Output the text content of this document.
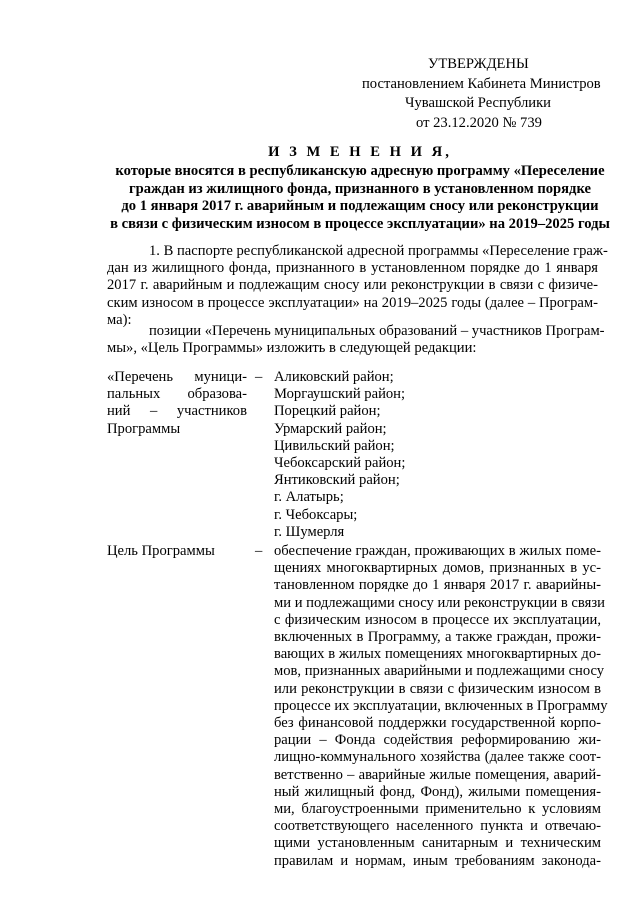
УТВЕРЖДЕНЫ
постановлением Кабинета Министров
Чувашской Республики
от 23.12.2020 № 739
И З М Е Н Е Н И Я,
которые вносятся в республиканскую адресную программу «Переселение
граждан из жилищного фонда, признанного в установленном порядке
до 1 января 2017 г. аварийным и подлежащим сносу или реконструкции
в связи с физическим износом в процессе эксплуатации» на 2019–2025 годы
1. В паспорте республиканской адресной программы «Переселение граж-
дан из жилищного фонда, признанного в установленном порядке до 1 января
2017 г. аварийным и подлежащим сносу или реконструкции в связи с физиче-
ским износом в процессе эксплуатации» на 2019–2025 годы (далее – Програм-
ма):
позиции «Перечень муниципальных образований – участников Програм-
мы», «Цель Программы» изложить в следующей редакции:
«Перечень муници-
пальных образова-
ний – участников
Программы
– Аликовский район;
Моргаушский район;
Порецкий район;
Урмарский район;
Цивильский район;
Чебоксарский район;
Янтиковский район;
г. Алатырь;
г. Чебоксары;
г. Шумерля
Цель Программы	– обеспечение граждан, проживающих в жилых поме-
щениях многоквартирных домов, признанных в ус-
тановленном порядке до 1 января 2017 г. аварийны-
ми и подлежащими сносу или реконструкции в связи
с физическим износом в процессе их эксплуатации,
включенных в Программу, а также граждан, прожи-
вающих в жилых помещениях многоквартирных до-
мов, признанных аварийными и подлежащими сносу
или реконструкции в связи с физическим износом в
процессе их эксплуатации, включенных в Программу
без финансовой поддержки государственной корпо-
рации – Фонда содействия реформированию жи-
лищно-коммунального хозяйства (далее также соот-
ветственно – аварийные жилые помещения, аварий-
ный жилищный фонд, Фонд), жилыми помещения-
ми, благоустроенными применительно к условиям
соответствующего населенного пункта и отвечаю-
щими установленным санитарным и техническим
правилам и нормам, иным требованиям законода-
